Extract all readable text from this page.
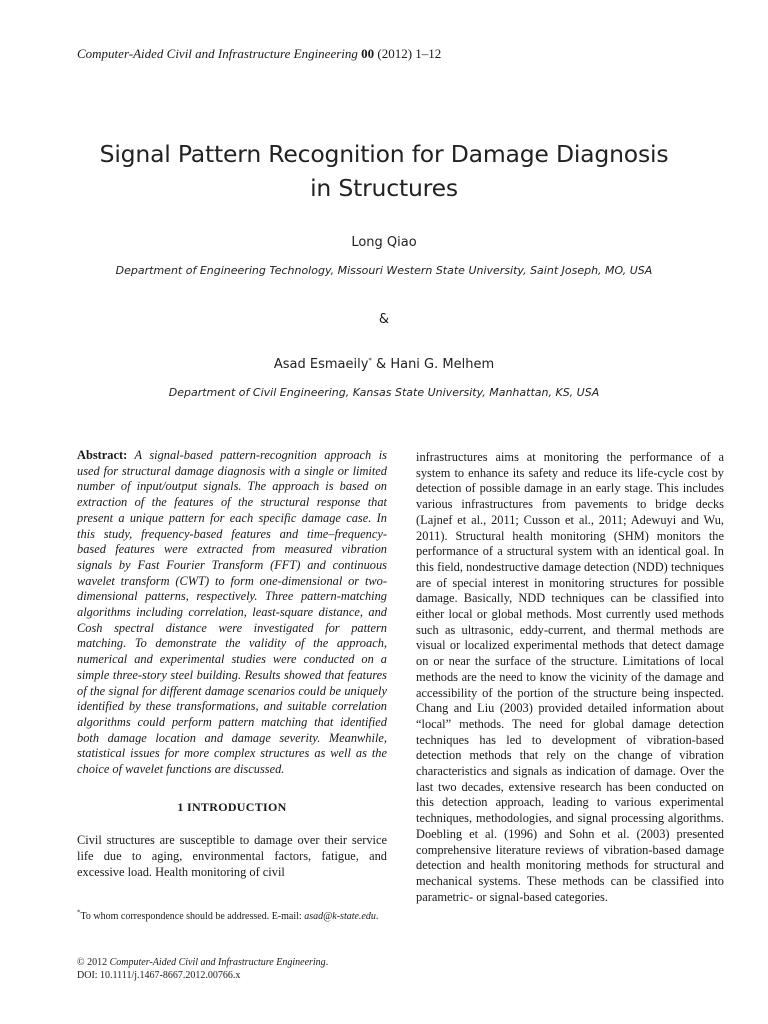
Computer-Aided Civil and Infrastructure Engineering 00 (2012) 1–12
Signal Pattern Recognition for Damage Diagnosis
in Structures
Long Qiao
Department of Engineering Technology, Missouri Western State University, Saint Joseph, MO, USA
&
Asad Esmaeily* & Hani G. Melhem
Department of Civil Engineering, Kansas State University, Manhattan, KS, USA

Abstract: A signal-based pattern-recognition approach is used for structural damage diagnosis with a single or limited number of input/output signals. The approach is based on extraction of the features of the structural response that present a unique pattern for each specific damage case. In this study, frequency-based features and time–frequency-based features were extracted from measured vibration signals by Fast Fourier Transform (FFT) and continuous wavelet transform (CWT) to form one-dimensional or two-dimensional patterns, respectively. Three pattern-matching algorithms including correlation, least-square distance, and Cosh spectral distance were investigated for pattern matching. To demonstrate the validity of the approach, numerical and experimental studies were conducted on a simple three-story steel building. Results showed that features of the signal for different damage scenarios could be uniquely identified by these transformations, and suitable correlation algorithms could perform pattern matching that identified both damage location and damage severity. Meanwhile, statistical issues for more complex structures as well as the choice of wavelet functions are discussed.

1 INTRODUCTION

Civil structures are susceptible to damage over their service life due to aging, environmental factors, fatigue, and excessive load. Health monitoring of civil

infrastructures aims at monitoring the performance of a system to enhance its safety and reduce its life-cycle cost by detection of possible damage in an early stage. This includes various infrastructures from pavements to bridge decks (Lajnef et al., 2011; Cusson et al., 2011; Adewuyi and Wu, 2011). Structural health monitoring (SHM) monitors the performance of a structural system with an identical goal. In this field, nondestructive damage detection (NDD) techniques are of special interest in monitoring structures for possible damage. Basically, NDD techniques can be classified into either local or global methods. Most currently used methods such as ultrasonic, eddy-current, and thermal methods are visual or localized experimental methods that detect damage on or near the surface of the structure. Limitations of local methods are the need to know the vicinity of the damage and accessibility of the portion of the structure being inspected. Chang and Liu (2003) provided detailed information about “local” methods. The need for global damage detection techniques has led to development of vibration-based detection methods that rely on the change of vibration characteristics and signals as indication of damage. Over the last two decades, extensive research has been conducted on this detection approach, leading to various experimental techniques, methodologies, and signal processing algorithms. Doebling et al. (1996) and Sohn et al. (2003) presented comprehensive literature reviews of vibration-based damage detection and health monitoring methods for structural and mechanical systems. These methods can be classified into parametric- or signal-based categories.

*To whom correspondence should be addressed. E-mail: asad@k-state.edu.
© 2012 Computer-Aided Civil and Infrastructure Engineering.
DOI: 10.1111/j.1467-8667.2012.00766.x
